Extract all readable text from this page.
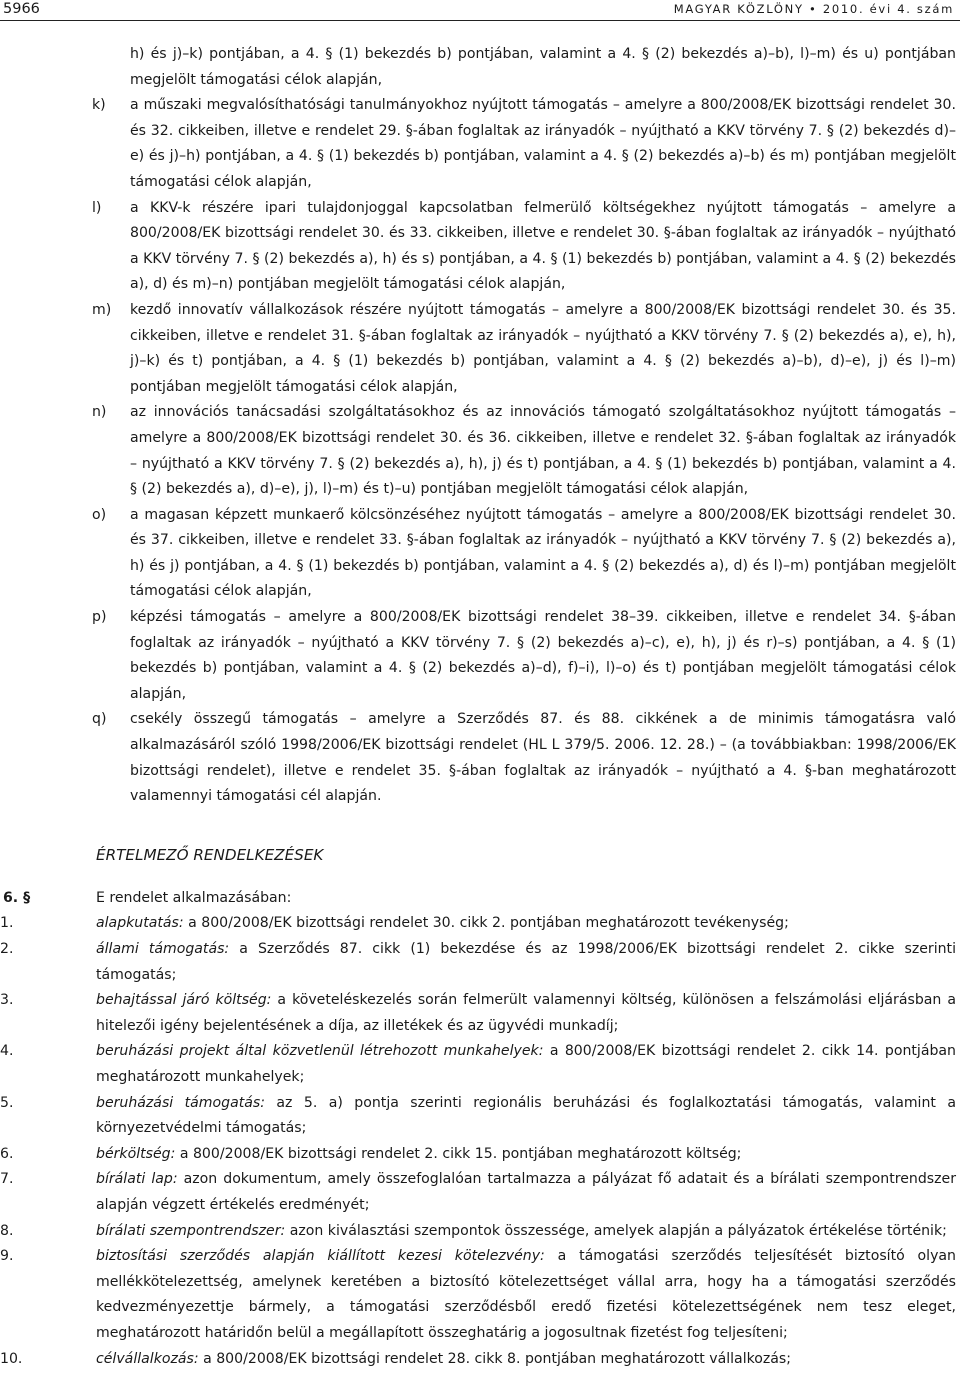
5966	MAGYAR KÖZLÖNY • 2010. évi 4. szám
h) és j)–k) pontjában, a 4. § (1) bekezdés b) pontjában, valamint a 4. § (2) bekezdés a)–b), l)–m) és u) pontjában megjelölt támogatási célok alapján,
k) a műszaki megvalósíthatósági tanulmányokhoz nyújtott támogatás – amelyre a 800/2008/EK bizottsági rendelet 30. és 32. cikkeiben, illetve e rendelet 29. §-ában foglaltak az irányadók – nyújtható a KKV törvény 7. § (2) bekezdés d)–e) és j)–h) pontjában, a 4. § (1) bekezdés b) pontjában, valamint a 4. § (2) bekezdés a)–b) és m) pontjában megjelölt támogatási célok alapján,
l) a KKV-k részére ipari tulajdonjoggal kapcsolatban felmerülő költségekhez nyújtott támogatás – amelyre a 800/2008/EK bizottsági rendelet 30. és 33. cikkeiben, illetve e rendelet 30. §-ában foglaltak az irányadók – nyújtható a KKV törvény 7. § (2) bekezdés a), h) és s) pontjában, a 4. § (1) bekezdés b) pontjában, valamint a 4. § (2) bekezdés a), d) és m)–n) pontjában megjelölt támogatási célok alapján,
m) kezdő innovatív vállalkozások részére nyújtott támogatás – amelyre a 800/2008/EK bizottsági rendelet 30. és 35. cikkeiben, illetve e rendelet 31. §-ában foglaltak az irányadók – nyújtható a KKV törvény 7. § (2) bekezdés a), e), h), j)–k) és t) pontjában, a 4. § (1) bekezdés b) pontjában, valamint a 4. § (2) bekezdés a)–b), d)–e), j) és l)–m) pontjában megjelölt támogatási célok alapján,
n) az innovációs tanácsadási szolgáltatásokhoz és az innovációs támogató szolgáltatásokhoz nyújtott támogatás – amelyre a 800/2008/EK bizottsági rendelet 30. és 36. cikkeiben, illetve e rendelet 32. §-ában foglaltak az irányadók – nyújtható a KKV törvény 7. § (2) bekezdés a), h), j) és t) pontjában, a 4. § (1) bekezdés b) pontjában, valamint a 4. § (2) bekezdés a), d)–e), j), l)–m) és t)–u) pontjában megjelölt támogatási célok alapján,
o) a magasan képzett munkaerő kölcsönzéséhez nyújtott támogatás – amelyre a 800/2008/EK bizottsági rendelet 30. és 37. cikkeiben, illetve e rendelet 33. §-ában foglaltak az irányadók – nyújtható a KKV törvény 7. § (2) bekezdés a), h) és j) pontjában, a 4. § (1) bekezdés b) pontjában, valamint a 4. § (2) bekezdés a), d) és l)–m) pontjában megjelölt támogatási célok alapján,
p) képzési támogatás – amelyre a 800/2008/EK bizottsági rendelet 38–39. cikkeiben, illetve e rendelet 34. §-ában foglaltak az irányadók – nyújtható a KKV törvény 7. § (2) bekezdés a)–c), e), h), j) és r)–s) pontjában, a 4. § (1) bekezdés b) pontjában, valamint a 4. § (2) bekezdés a)–d), f)–i), l)–o) és t) pontjában megjelölt támogatási célok alapján,
q) csekély összegű támogatás – amelyre a Szerződés 87. és 88. cikkének a de minimis támogatásra való alkalmazásáról szóló 1998/2006/EK bizottsági rendelet (HL L 379/5. 2006. 12. 28.) – (a továbbiakban: 1998/2006/EK bizottsági rendelet), illetve e rendelet 35. §-ában foglaltak az irányadók – nyújtható a 4. §-ban meghatározott valamennyi támogatási cél alapján.
ÉRTELMEZŐ RENDELKEZÉSEK
6. §	E rendelet alkalmazásában:
1.	alapkutatás: a 800/2008/EK bizottsági rendelet 30. cikk 2. pontjában meghatározott tevékenység;
2.	állami támogatás: a Szerződés 87. cikk (1) bekezdése és az 1998/2006/EK bizottsági rendelet 2. cikke szerinti támogatás;
3.	behajtással járó költség: a követeléskezelés során felmerült valamennyi költség, különösen a felszámolási eljárásban a hitelezői igény bejelentésének a díja, az illetékek és az ügyvédi munkadíj;
4.	beruházási projekt által közvetlenül létrehozott munkahelyek: a 800/2008/EK bizottsági rendelet 2. cikk 14. pontjában meghatározott munkahelyek;
5.	beruházási támogatás: az 5. a) pontja szerinti regionális beruházási és foglalkoztatási támogatás, valamint a környezetvédelmi támogatás;
6.	bérköltség: a 800/2008/EK bizottsági rendelet 2. cikk 15. pontjában meghatározott költség;
7.	bírálati lap: azon dokumentum, amely összefoglalóan tartalmazza a pályázat fő adatait és a bírálati szempontrendszer alapján végzett értékelés eredményét;
8.	bírálati szempontrendszer: azon kiválasztási szempontok összessége, amelyek alapján a pályázatok értékelése történik;
9.	biztosítási szerződés alapján kiállított kezesi kötelezvény: a támogatási szerződés teljesítését biztosító olyan mellékkötelezettség, amelynek keretében a biztosító kötelezettséget vállal arra, hogy ha a támogatási szerződés kedvezményezettje bármely, a támogatási szerződésből eredő fizetési kötelezettségének nem tesz eleget, meghatározott határidőn belül a megállapított összeghatárig a jogosultnak fizetést fog teljesíteni;
10.	célvállalkozás: a 800/2008/EK bizottsági rendelet 28. cikk 8. pontjában meghatározott vállalkozás;
